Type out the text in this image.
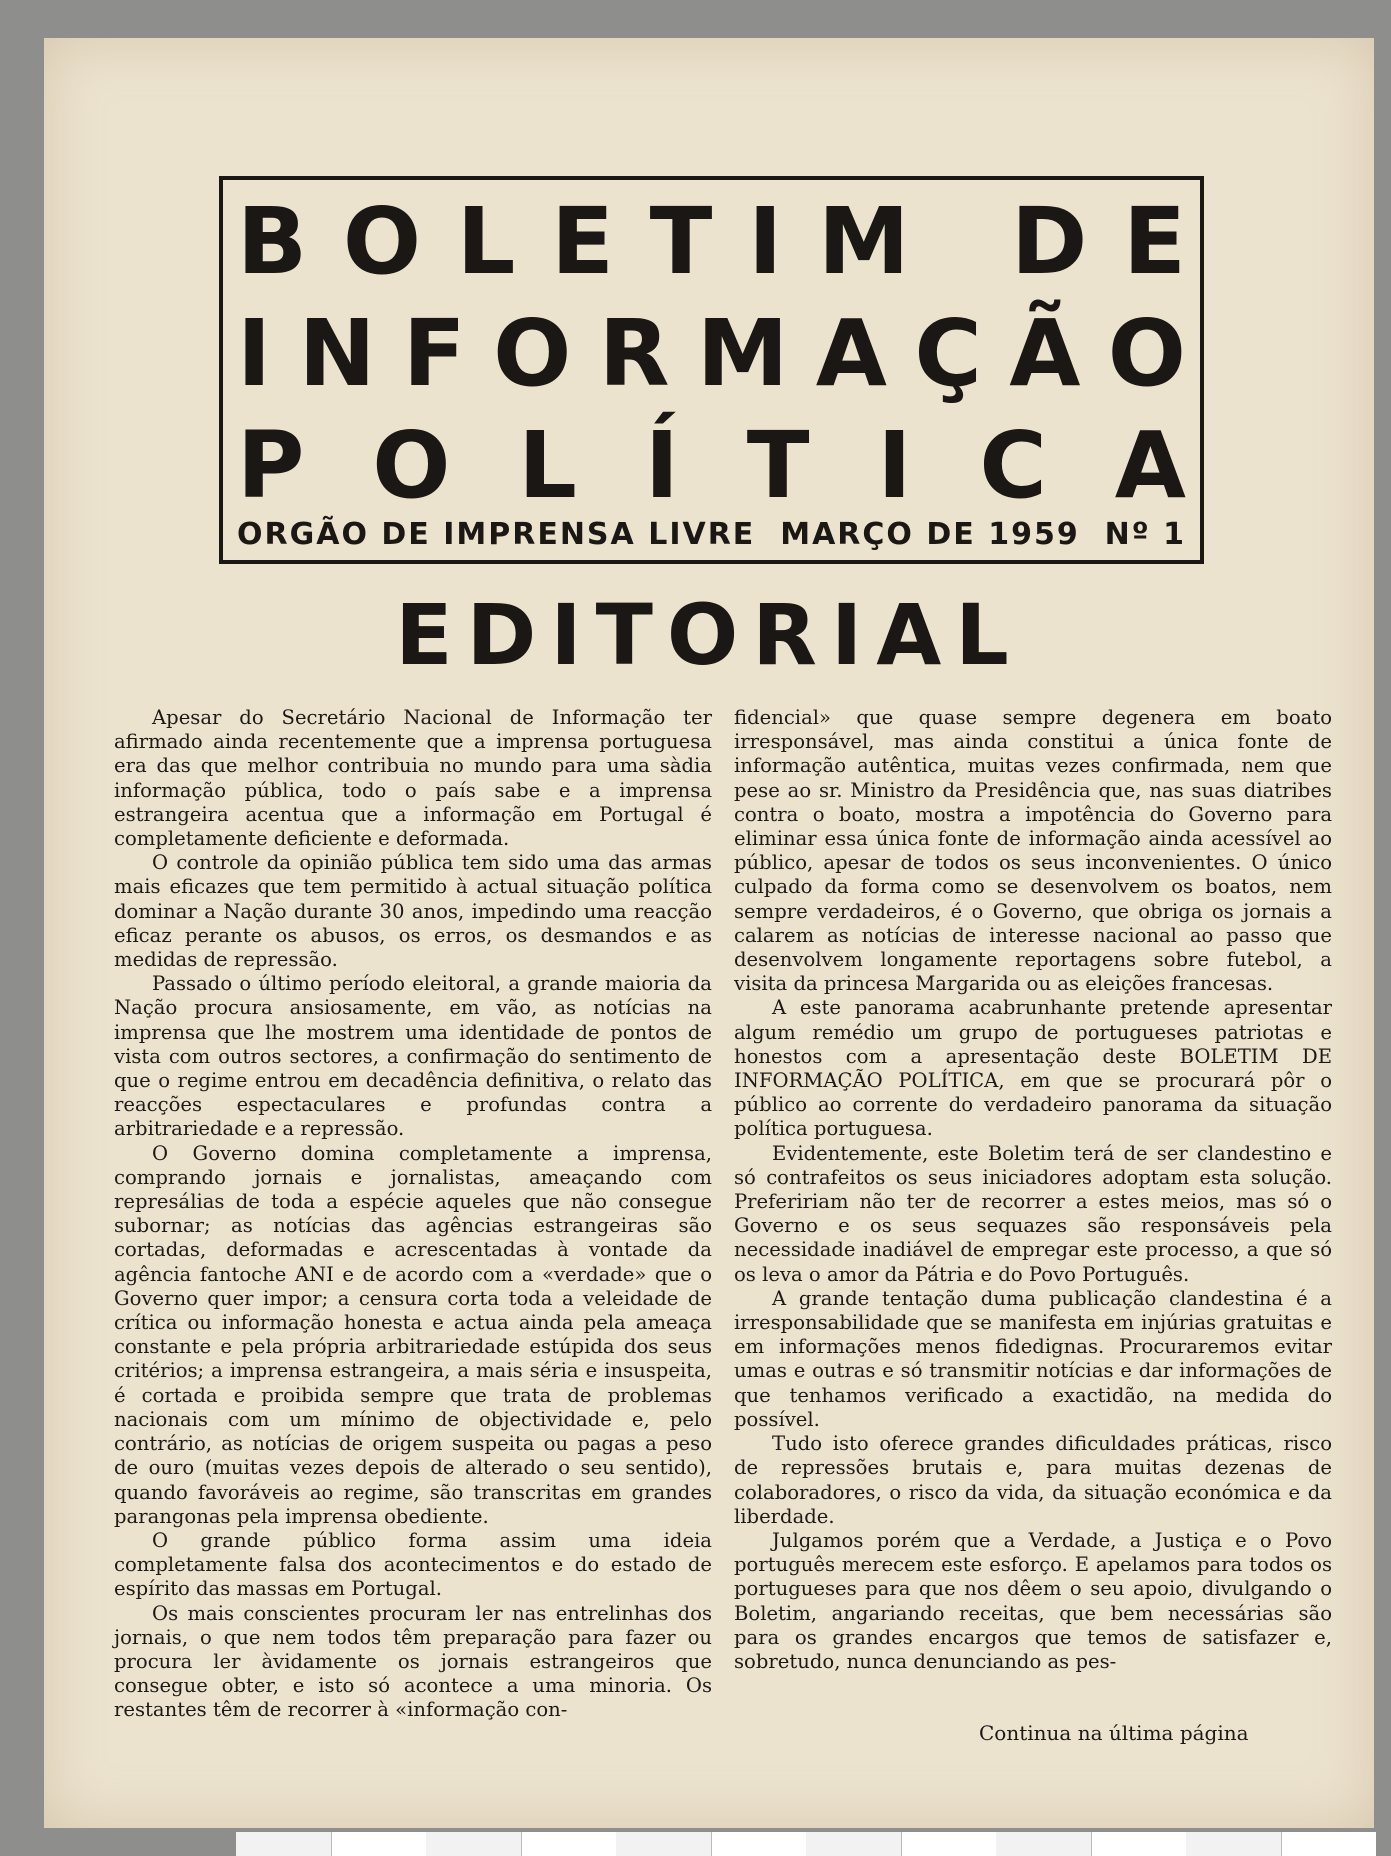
B O L E T I M D E
I N F O R M A Ç Ã O
P O L Í T I C A
ORGÃO DE IMPRENSA LIVRE MARÇO DE 1959 Nº 1
EDITORIAL

Apesar do Secretário Nacional de Informação ter afirmado ainda recentemente que a imprensa portuguesa era das que melhor contribuia no mundo para uma sàdia informação pública, todo o país sabe e a imprensa estrangeira acentua que a informação em Portugal é completamente deficiente e deformada.

O controle da opinião pública tem sido uma das armas mais eficazes que tem permitido à actual situação política dominar a Nação durante 30 anos, impedindo uma reacção eficaz perante os abusos, os erros, os desmandos e as medidas de repressão.

Passado o último período eleitoral, a grande maioria da Nação procura ansiosamente, em vão, as notícias na imprensa que lhe mostrem uma identidade de pontos de vista com outros sectores, a confirmação do sentimento de que o regime entrou em decadência definitiva, o relato das reacções espectaculares e profundas contra a arbitrariedade e a repressão.

O Governo domina completamente a imprensa, comprando jornais e jornalistas, ameaçando com represálias de toda a espécie aqueles que não consegue subornar; as notícias das agências estrangeiras são cortadas, deformadas e acrescentadas à vontade da agência fantoche ANI e de acordo com a «verdade» que o Governo quer impor; a censura corta toda a veleidade de crítica ou informação honesta e actua ainda pela ameaça constante e pela própria arbitrariedade estúpida dos seus critérios; a imprensa estrangeira, a mais séria e insuspeita, é cortada e proibida sempre que trata de problemas nacionais com um mínimo de objectividade e, pelo contrário, as notícias de origem suspeita ou pagas a peso de ouro (muitas vezes depois de alterado o seu sentido), quando favoráveis ao regime, são transcritas em grandes parangonas pela imprensa obediente.

O grande público forma assim uma ideia completamente falsa dos acontecimentos e do estado de espírito das massas em Portugal.

Os mais conscientes procuram ler nas entrelinhas dos jornais, o que nem todos têm preparação para fazer ou procura ler àvidamente os jornais estrangeiros que consegue obter, e isto só acontece a uma minoria. Os restantes têm de recorrer à «informação con-

fidencial» que quase sempre degenera em boato irresponsável, mas ainda constitui a única fonte de informação autêntica, muitas vezes confirmada, nem que pese ao sr. Ministro da Presidência que, nas suas diatribes contra o boato, mostra a impotência do Governo para eliminar essa única fonte de informação ainda acessível ao público, apesar de todos os seus inconvenientes. O único culpado da forma como se desenvolvem os boatos, nem sempre verdadeiros, é o Governo, que obriga os jornais a calarem as notícias de interesse nacional ao passo que desenvolvem longamente reportagens sobre futebol, a visita da princesa Margarida ou as eleições francesas.

A este panorama acabrunhante pretende apresentar algum remédio um grupo de portugueses patriotas e honestos com a apresentação deste BOLETIM DE INFORMAÇÃO POLÍTICA, em que se procurará pôr o público ao corrente do verdadeiro panorama da situação política portuguesa.

Evidentemente, este Boletim terá de ser clandestino e só contrafeitos os seus iniciadores adoptam esta solução. Prefeririam não ter de recorrer a estes meios, mas só o Governo e os seus sequazes são responsáveis pela necessidade inadiável de empregar este processo, a que só os leva o amor da Pátria e do Povo Português.

A grande tentação duma publicação clandestina é a irresponsabilidade que se manifesta em injúrias gratuitas e em informações menos fidedignas. Procuraremos evitar umas e outras e só transmitir notícias e dar informações de que tenhamos verificado a exactidão, na medida do possível.

Tudo isto oferece grandes dificuldades práticas, risco de repressões brutais e, para muitas dezenas de colaboradores, o risco da vida, da situação económica e da liberdade.

Julgamos porém que a Verdade, a Justiça e o Povo português merecem este esforço. E apelamos para todos os portugueses para que nos dêem o seu apoio, divulgando o Boletim, angariando receitas, que bem necessárias são para os grandes encargos que temos de satisfazer e, sobretudo, nunca denunciando as pes-

Continua na última página
